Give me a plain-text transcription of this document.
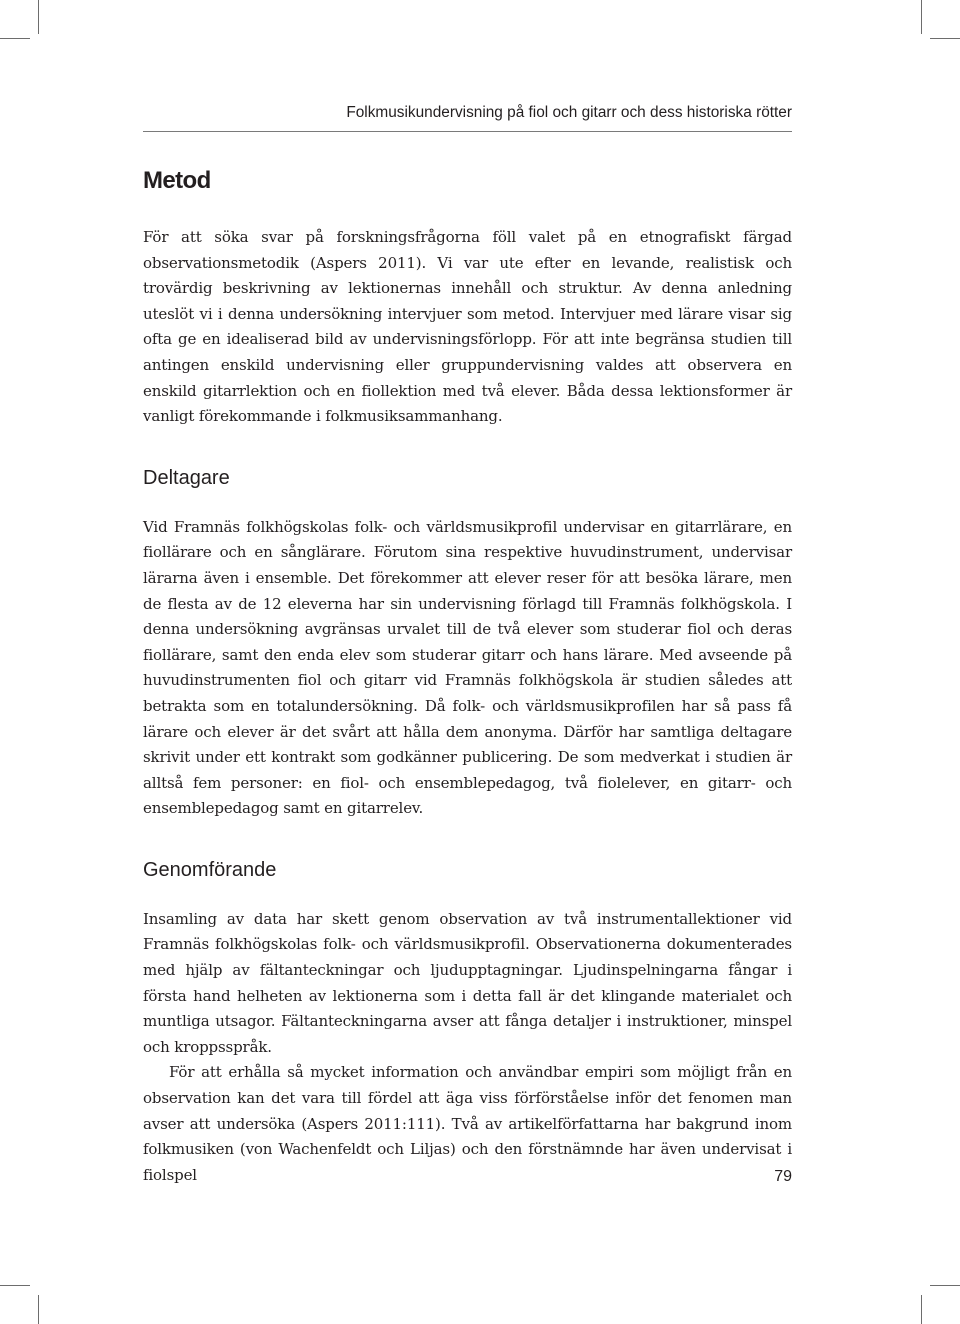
Folkmusikundervisning på fiol och gitarr och dess historiska rötter
Metod

För att söka svar på forskningsfrågorna föll valet på en etnografiskt färgad observationsmetodik (Aspers 2011). Vi var ute efter en levande, realistisk och trovärdig beskrivning av lektionernas innehåll och struktur. Av denna anledning uteslöt vi i denna undersökning intervjuer som metod. Intervjuer med lärare visar sig ofta ge en idealiserad bild av undervisningsförlopp. För att inte begränsa studien till antingen enskild undervisning eller gruppundervisning valdes att observera en enskild gitarrlektion och en fiollektion med två elever. Båda dessa lektionsformer är vanligt förekommande i folkmusiksammanhang.

Deltagare

Vid Framnäs folkhögskolas folk- och världsmusikprofil undervisar en gitarrlärare, en fiollärare och en sånglärare. Förutom sina respektive huvudinstrument, undervisar lärarna även i ensemble. Det förekommer att elever reser för att besöka lärare, men de flesta av de 12 eleverna har sin undervisning förlagd till Framnäs folkhögskola. I denna undersökning avgränsas urvalet till de två elever som studerar fiol och deras fiollärare, samt den enda elev som studerar gitarr och hans lärare. Med avseende på huvudinstrumenten fiol och gitarr vid Framnäs folkhögskola är studien således att betrakta som en totalundersökning. Då folk- och världsmusikprofilen har så pass få lärare och elever är det svårt att hålla dem anonyma. Därför har samtliga deltagare skrivit under ett kontrakt som godkänner publicering. De som medverkat i studien är alltså fem personer: en fiol- och ensemblepedagog, två fiolelever, en gitarr- och ensemblepedagog samt en gitarrelev.

Genomförande

Insamling av data har skett genom observation av två instrumentallektioner vid Framnäs folkhögskolas folk- och världsmusikprofil. Observationerna dokumenterades med hjälp av fältanteckningar och ljudupptagningar. Ljudinspelningarna fångar i första hand helheten av lektionerna som i detta fall är det klingande materialet och muntliga utsagor. Fältanteckningarna avser att fånga detaljer i instruktioner, minspel och kroppsspråk.

För att erhålla så mycket information och användbar empiri som möjligt från en observation kan det vara till fördel att äga viss förförståelse inför det fenomen man avser att undersöka (Aspers 2011:111). Två av artikelförfattarna har bakgrund inom folkmusiken (von Wachenfeldt och Liljas) och den förstnämnde har även undervisat i fiolspel	79
